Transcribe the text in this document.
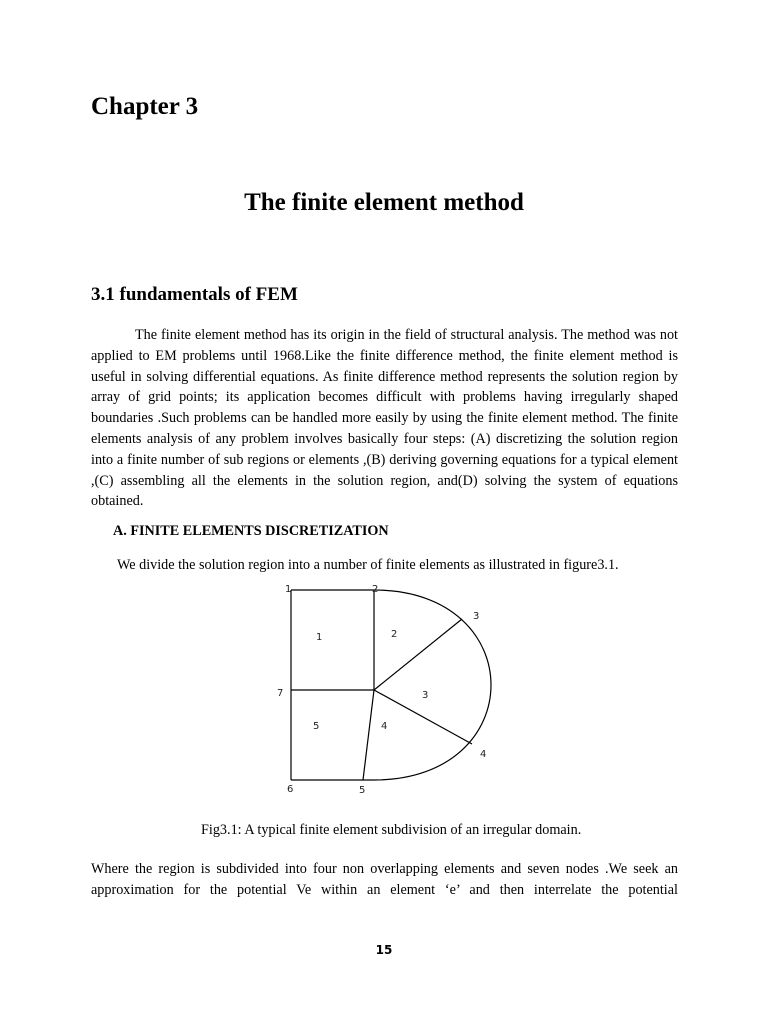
Chapter 3
The finite element method
3.1 fundamentals of FEM

The finite element method has its origin in the field of structural analysis. The method was not applied to EM problems until 1968.Like the finite difference method, the finite element method is useful in solving differential equations. As finite difference method represents the solution region by array of grid points; its application becomes difficult with problems having irregularly shaped boundaries .Such problems can be handled more easily by using the finite element method. The finite elements analysis of any problem involves basically four steps: (A) discretizing the solution region into a finite number of sub regions or elements ,(B) deriving governing equations for a typical element ,(C) assembling all the elements in the solution region, and(D) solving the system of equations obtained.

A. FINITE ELEMENTS DISCRETIZATION

We divide the solution region into a number of finite elements as illustrated in figure3.1.

1	2
3
4
5
6
7
1	2
3
4
5

Fig3.1: A typical finite element subdivision of an irregular domain.

Where the region is subdivided into four non overlapping elements and seven nodes .We seek an approximation for the potential Ve within an element ‘e’ and then interrelate the potential

15
